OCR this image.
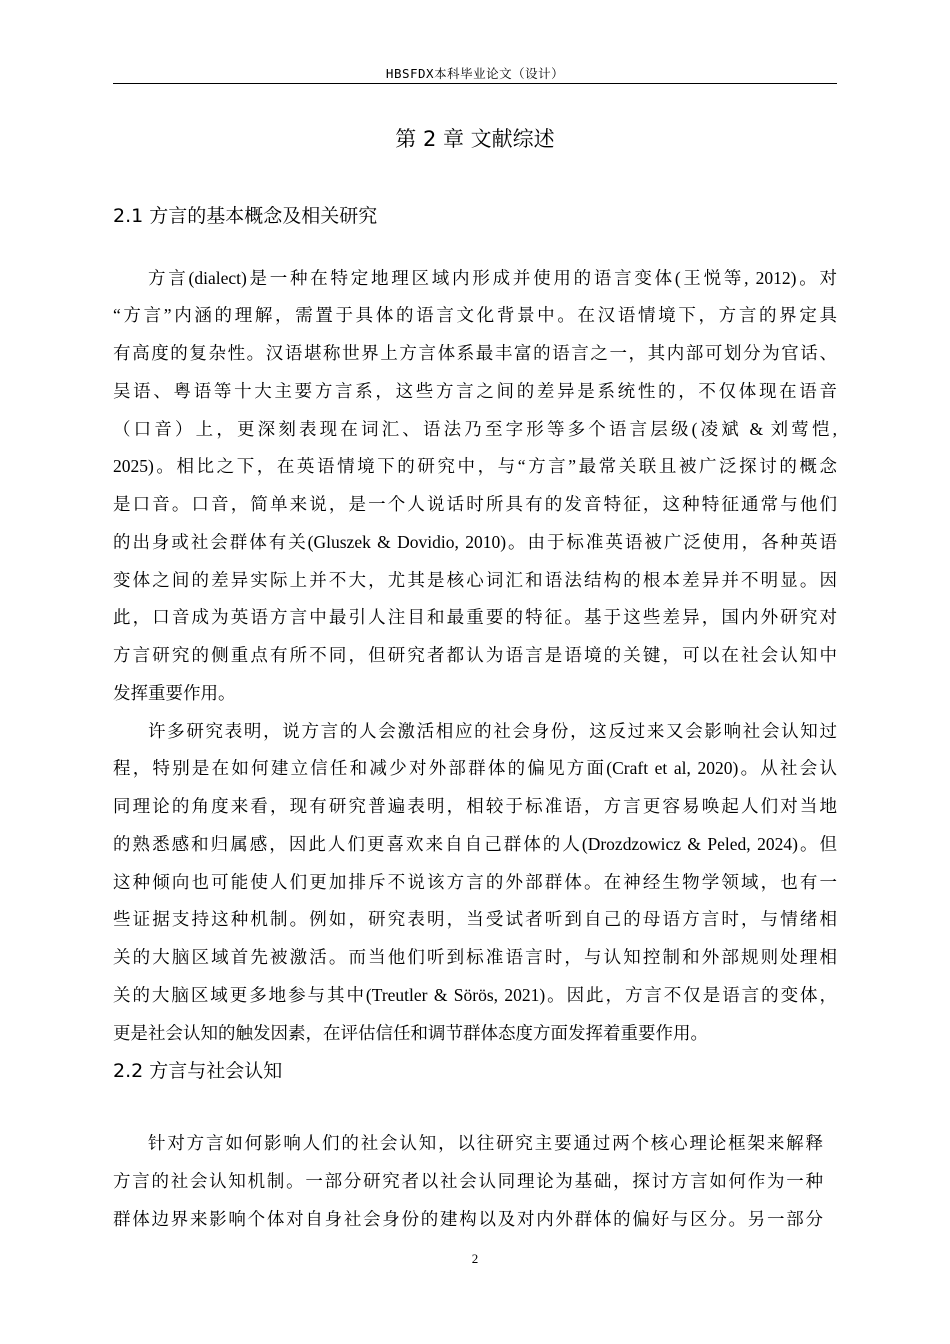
HBSFDX本科毕业论文（设计）
第 2 章 文献综述
2.1 方言的基本概念及相关研究
方言(dialect)是一种在特定地理区域内形成并使用的语言变体(王悦等, 2012)。对
“方言”内涵的理解，需置于具体的语言文化背景中。在汉语情境下，方言的界定具
有高度的复杂性。汉语堪称世界上方言体系最丰富的语言之一，其内部可划分为官话、
吴语、粤语等十大主要方言系，这些方言之间的差异是系统性的，不仅体现在语音
（口音）上，更深刻表现在词汇、语法乃至字形等多个语言层级(凌斌 & 刘莺恺,
2025)。相比之下，在英语情境下的研究中，与“方言”最常关联且被广泛探讨的概念
是口音。口音，简单来说，是一个人说话时所具有的发音特征，这种特征通常与他们
的出身或社会群体有关(Gluszek & Dovidio, 2010)。由于标准英语被广泛使用，各种英语
变体之间的差异实际上并不大，尤其是核心词汇和语法结构的根本差异并不明显。因
此，口音成为英语方言中最引人注目和最重要的特征。基于这些差异，国内外研究对
方言研究的侧重点有所不同，但研究者都认为语言是语境的关键，可以在社会认知中
发挥重要作用。
许多研究表明，说方言的人会激活相应的社会身份，这反过来又会影响社会认知过
程，特别是在如何建立信任和减少对外部群体的偏见方面(Craft et al, 2020)。从社会认
同理论的角度来看，现有研究普遍表明，相较于标准语，方言更容易唤起人们对当地
的熟悉感和归属感，因此人们更喜欢来自自己群体的人(Drozdzowicz & Peled, 2024)。但
这种倾向也可能使人们更加排斥不说该方言的外部群体。在神经生物学领域，也有一
些证据支持这种机制。例如，研究表明，当受试者听到自己的母语方言时，与情绪相
关的大脑区域首先被激活。而当他们听到标准语言时，与认知控制和外部规则处理相
关的大脑区域更多地参与其中(Treutler & Sörös, 2021)。因此，方言不仅是语言的变体，
更是社会认知的触发因素，在评估信任和调节群体态度方面发挥着重要作用。
2.2 方言与社会认知
针对方言如何影响人们的社会认知，以往研究主要通过两个核心理论框架来解释
方言的社会认知机制。一部分研究者以社会认同理论为基础，探讨方言如何作为一种
群体边界来影响个体对自身社会身份的建构以及对内外群体的偏好与区分。另一部分
2
